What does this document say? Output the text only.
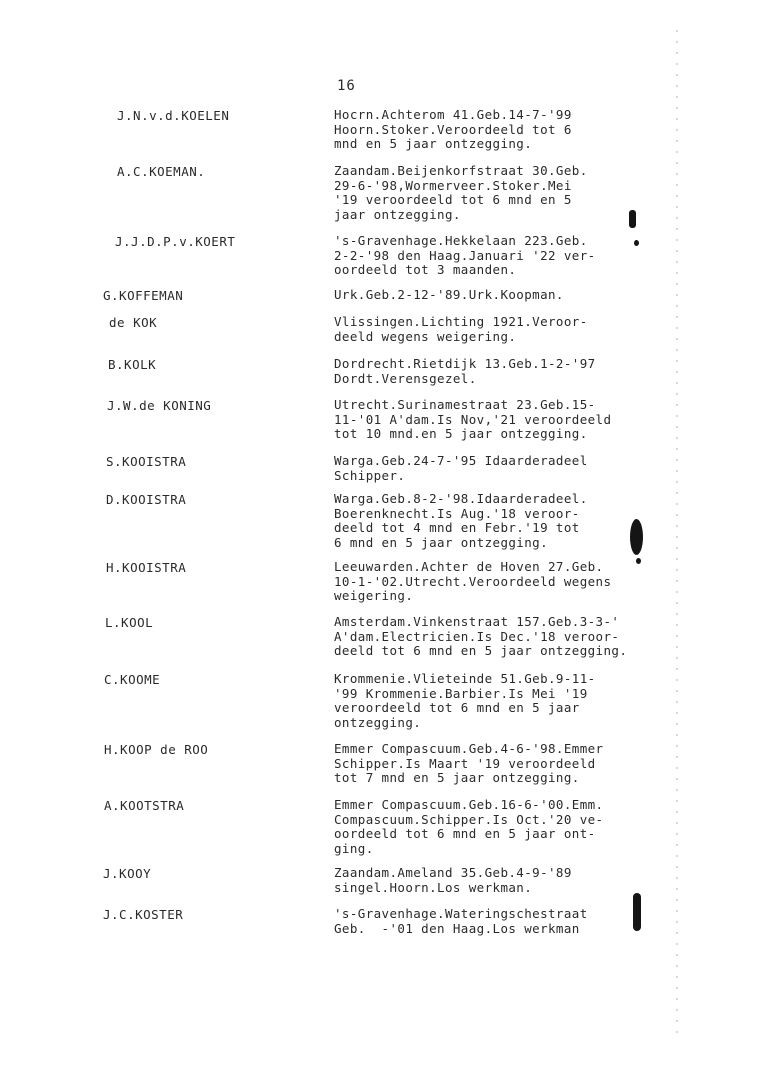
16
J.N.v.d.KOELEN	Hocrn.Achterom 41.Geb.14-7-'99
Hoorn.Stoker.Veroordeeld tot 6
mnd en 5 jaar ontzegging.
A.C.KOEMAN.	Zaandam.Beijenkorfstraat 30.Geb.
29-6-'98,Wormerveer.Stoker.Mei
'19 veroordeeld tot 6 mnd en 5
jaar ontzegging.
J.J.D.P.v.KOERT	's-Gravenhage.Hekkelaan 223.Geb.
2-2-'98 den Haag.Januari '22 ver-
oordeeld tot 3 maanden.
G.KOFFEMAN	Urk.Geb.2-12-'89.Urk.Koopman.
de KOK	Vlissingen.Lichting 1921.Veroor-
deeld wegens weigering.
B.KOLK	Dordrecht.Rietdijk 13.Geb.1-2-'97
Dordt.Verensgezel.
J.W.de KONING	Utrecht.Surinamestraat 23.Geb.15-
11-'01 A'dam.Is Nov,'21 veroordeeld
tot 10 mnd.en 5 jaar ontzegging.
S.KOOISTRA	Warga.Geb.24-7-'95 Idaarderadeel
Schipper.
D.KOOISTRA	Warga.Geb.8-2-'98.Idaarderadeel.
Boerenknecht.Is Aug.'18 veroor-
deeld tot 4 mnd en Febr.'19 tot
6 mnd en 5 jaar ontzegging.
H.KOOISTRA	Leeuwarden.Achter de Hoven 27.Geb.
10-1-'02.Utrecht.Veroordeeld wegens
weigering.
L.KOOL	Amsterdam.Vinkenstraat 157.Geb.3-3-'
A'dam.Electricien.Is Dec.'18 veroor-
deeld tot 6 mnd en 5 jaar ontzegging.
C.KOOME	Krommenie.Vlieteinde 51.Geb.9-11-
'99 Krommenie.Barbier.Is Mei '19
veroordeeld tot 6 mnd en 5 jaar
ontzegging.
H.KOOP de ROO	Emmer Compascuum.Geb.4-6-'98.Emmer
Schipper.Is Maart '19 veroordeeld
tot 7 mnd en 5 jaar ontzegging.
A.KOOTSTRA	Emmer Compascuum.Geb.16-6-'00.Emm.
Compascuum.Schipper.Is Oct.'20 ve-
oordeeld tot 6 mnd en 5 jaar ont-
ging.
J.KOOY	Zaandam.Ameland 35.Geb.4-9-'89
singel.Hoorn.Los werkman.
J.C.KOSTER	's-Gravenhage.Wateringschestraat
Geb.  -'01 den Haag.Los werkman
